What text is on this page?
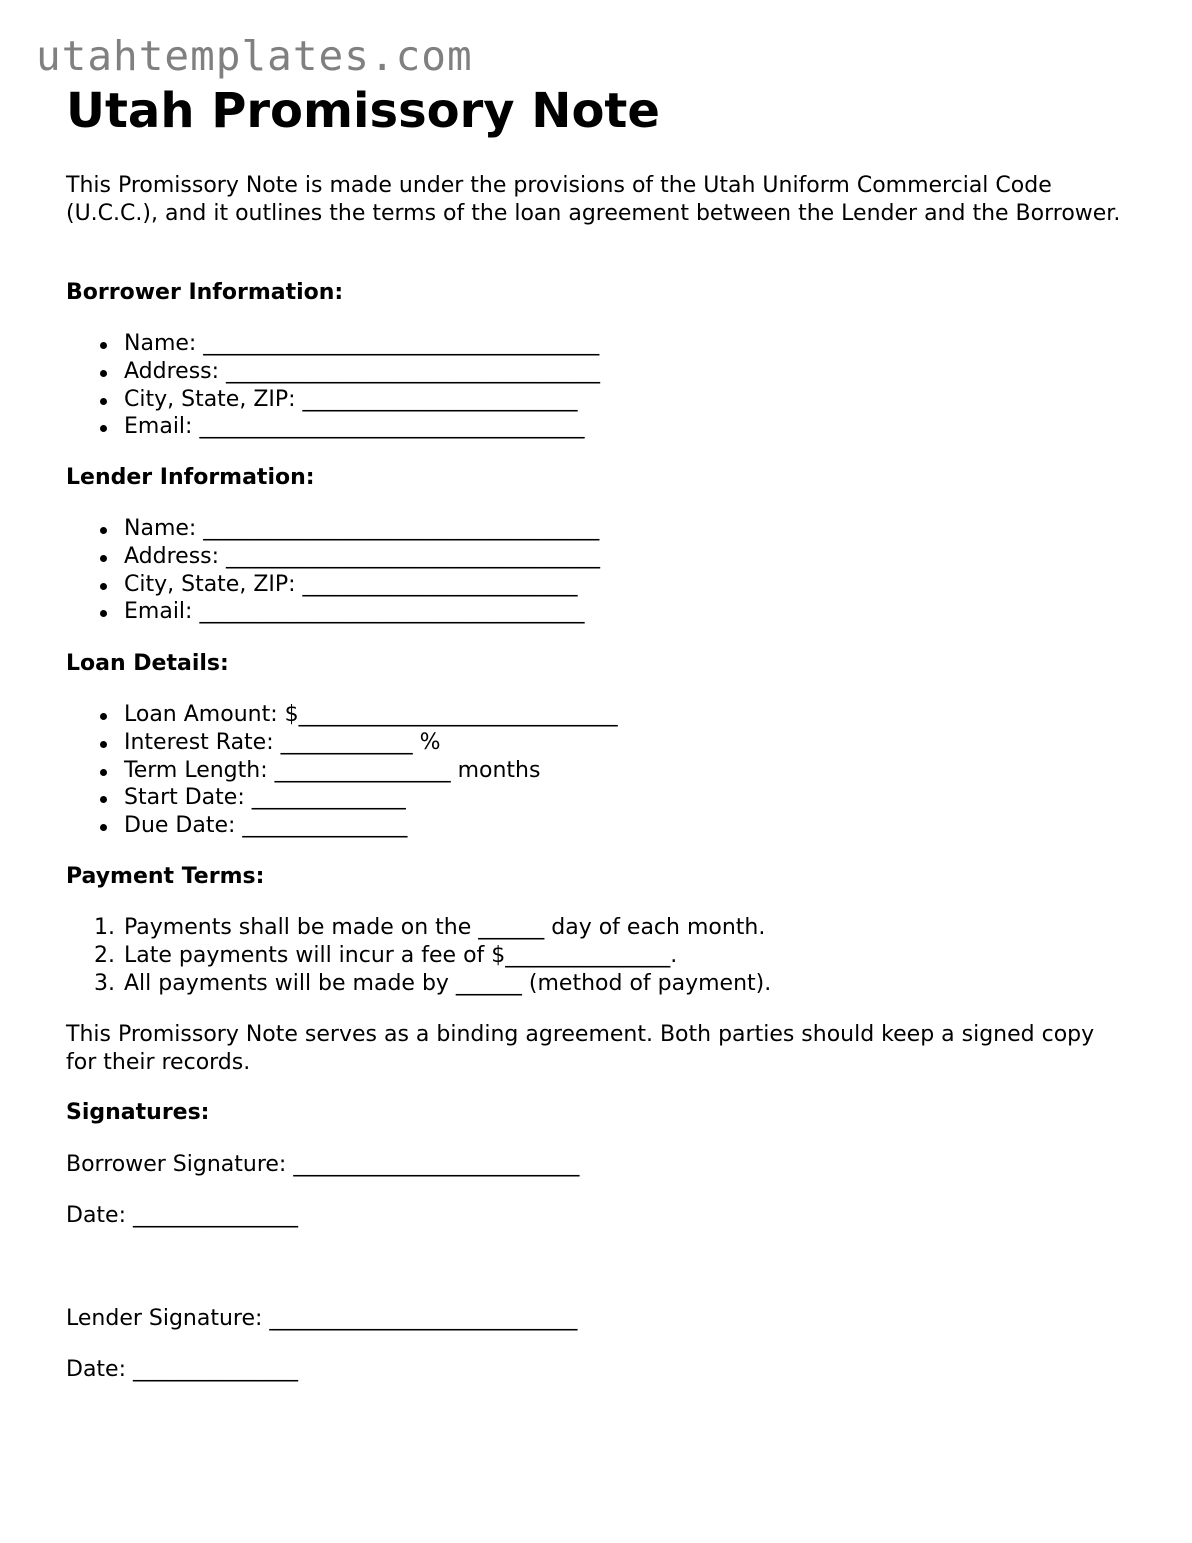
utahtemplates.com
Utah Promissory Note

This Promissory Note is made under the provisions of the Utah Uniform Commercial Code (U.C.C.), and it outlines the terms of the loan agreement between the Lender and the Borrower.

Borrower Information:
Name: ____________________________________
Address: __________________________________
City, State, ZIP: _________________________
Email: ___________________________________
Lender Information:
Name: ____________________________________
Address: __________________________________
City, State, ZIP: _________________________
Email: ___________________________________
Loan Details:
Loan Amount: $_____________________________
Interest Rate: ____________ %
Term Length: ________________ months
Start Date: ______________
Due Date: _______________
Payment Terms:
1. Payments shall be made on the ______ day of each month.
2. Late payments will incur a fee of $_______________.
3. All payments will be made by ______ (method of payment).

This Promissory Note serves as a binding agreement. Both parties should keep a signed copy for their records.

Signatures:
Borrower Signature: __________________________
Date: _______________
Lender Signature: ____________________________
Date: _______________
